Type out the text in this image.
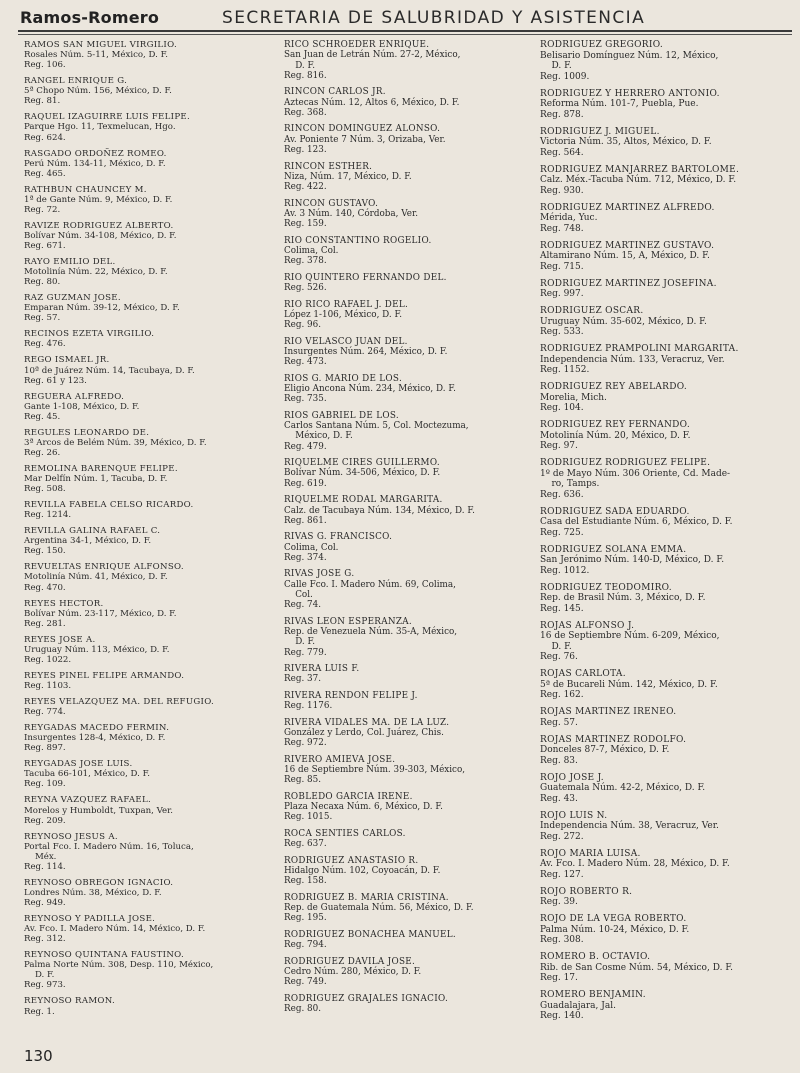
Ramos-Romero	SECRETARIA DE SALUBRIDAD Y ASISTENCIA
RAMOS SAN MIGUEL VIRGILIO.
Rosales Núm. 5-11, México, D. F.
Reg. 106.
RANGEL ENRIQUE G.
5ª Chopo Núm. 156, México, D. F.
Reg. 81.
RAQUEL IZAGUIRRE LUIS FELIPE.
Parque Hgo. 11, Texmelucan, Hgo.
Reg. 624.
RASGADO ORDOÑEZ ROMEO.
Perú Núm. 134-11, México, D. F.
Reg. 465.
RATHBUN CHAUNCEY M.
1ª de Gante Núm. 9, México, D. F.
Reg. 72.
RAVIZE RODRIGUEZ ALBERTO.
Bolívar Núm. 34-108, México, D. F.
Reg. 671.
RAYO EMILIO DEL.
Motolinía Núm. 22, México, D. F.
Reg. 80.
RAZ GUZMAN JOSE.
Emparan Núm. 39-12, México, D. F.
Reg. 57.
RECINOS EZETA VIRGILIO.
Reg. 476.
REGO ISMAEL JR.
10ª de Juárez Núm. 14, Tacubaya, D. F.
Reg. 61 y 123.
REGUERA ALFREDO.
Gante 1-108, México, D. F.
Reg. 45.
REGULES LEONARDO DE.
3ª Arcos de Belém Núm. 39, México, D. F.
Reg. 26.
REMOLINA BARENQUE FELIPE.
Mar Delfín Núm. 1, Tacuba, D. F.
Reg. 508.
REVILLA FABELA CELSO RICARDO.
Reg. 1214.
REVILLA GALINA RAFAEL C.
Argentina 34-1, México, D. F.
Reg. 150.
REVUELTAS ENRIQUE ALFONSO.
Motolinía Núm. 41, México, D. F.
Reg. 470.
REYES HECTOR.
Bolívar Núm. 23-117, México, D. F.
Reg. 281.
REYES JOSE A.
Uruguay Núm. 113, México, D. F.
Reg. 1022.
REYES PINEL FELIPE ARMANDO.
Reg. 1103.
REYES VELAZQUEZ MA. DEL REFUGIO.
Reg. 774.
REYGADAS MACEDO FERMIN.
Insurgentes 128-4, México, D. F.
Reg. 897.
REYGADAS JOSE LUIS.
Tacuba 66-101, México, D. F.
Reg. 109.
REYNA VAZQUEZ RAFAEL.
Morelos y Humboldt, Tuxpan, Ver.
Reg. 209.
REYNOSO JESUS A.
Portal Fco. I. Madero Núm. 16, Toluca,
Méx.
Reg. 114.
REYNOSO OBREGON IGNACIO.
Londres Núm. 38, México, D. F.
Reg. 949.
REYNOSO Y PADILLA JOSE.
Av. Fco. I. Madero Núm. 14, México, D. F.
Reg. 312.
REYNOSO QUINTANA FAUSTINO.
Palma Norte Núm. 308, Desp. 110, México,
D. F.
Reg. 973.
REYNOSO RAMON.
Reg. 1.
RICO SCHROEDER ENRIQUE.
San Juan de Letrán Núm. 27-2, México,
D. F.
Reg. 816.
RINCON CARLOS JR.
Aztecas Núm. 12, Altos 6, México, D. F.
Reg. 368.
RINCON DOMINGUEZ ALONSO.
Av. Poniente 7 Núm. 3, Orizaba, Ver.
Reg. 123.
RINCON ESTHER.
Niza, Núm. 17, México, D. F.
Reg. 422.
RINCON GUSTAVO.
Av. 3 Núm. 140, Córdoba, Ver.
Reg. 159.
RIO CONSTANTINO ROGELIO.
Colima, Col.
Reg. 378.
RIO QUINTERO FERNANDO DEL.
Reg. 526.
RIO RICO RAFAEL J. DEL.
López 1-106, México, D. F.
Reg. 96.
RIO VELASCO JUAN DEL.
Insurgentes Núm. 264, México, D. F.
Reg. 473.
RIOS G. MARIO DE LOS.
Eligio Ancona Núm. 234, México, D. F.
Reg. 735.
RIOS GABRIEL DE LOS.
Carlos Santana Núm. 5, Col. Moctezuma,
México, D. F.
Reg. 479.
RIQUELME CIRES GUILLERMO.
Bolívar Núm. 34-506, México, D. F.
Reg. 619.
RIQUELME RODAL MARGARITA.
Calz. de Tacubaya Núm. 134, México, D. F.
Reg. 861.
RIVAS G. FRANCISCO.
Colima, Col.
Reg. 374.
RIVAS JOSE G.
Calle Fco. I. Madero Núm. 69, Colima,
Col.
Reg. 74.
RIVAS LEON ESPERANZA.
Rep. de Venezuela Núm. 35-A, México,
D. F.
Reg. 779.
RIVERA LUIS F.
Reg. 37.
RIVERA RENDON FELIPE J.
Reg. 1176.
RIVERA VIDALES MA. DE LA LUZ.
González y Lerdo, Col. Juárez, Chis.
Reg. 972.
RIVERO AMIEVA JOSE.
16 de Septiembre Núm. 39-303, México,
Reg. 85.
ROBLEDO GARCIA IRENE.
Plaza Necaxa Núm. 6, México, D. F.
Reg. 1015.
ROCA SENTIES CARLOS.
Reg. 637.
RODRIGUEZ ANASTASIO R.
Hidalgo Núm. 102, Coyoacán, D. F.
Reg. 158.
RODRIGUEZ B. MARIA CRISTINA.
Rep. de Guatemala Núm. 56, México, D. F.
Reg. 195.
RODRIGUEZ BONACHEA MANUEL.
Reg. 794.
RODRIGUEZ DAVILA JOSE.
Cedro Núm. 280, México, D. F.
Reg. 749.
RODRIGUEZ GRAJALES IGNACIO.
Reg. 80.
RODRIGUEZ GREGORIO.
Belisario Domínguez Núm. 12, México,
D. F.
Reg. 1009.
RODRIGUEZ Y HERRERO ANTONIO.
Reforma Núm. 101-7, Puebla, Pue.
Reg. 878.
RODRIGUEZ J. MIGUEL.
Victoria Núm. 35, Altos, México, D. F.
Reg. 564.
RODRIGUEZ MANJARREZ BARTOLOME.
Calz. Méx.-Tacuba Núm. 712, México, D. F.
Reg. 930.
RODRIGUEZ MARTINEZ ALFREDO.
Mérida, Yuc.
Reg. 748.
RODRIGUEZ MARTINEZ GUSTAVO.
Altamirano Núm. 15, A, México, D. F.
Reg. 715.
RODRIGUEZ MARTINEZ JOSEFINA.
Reg. 997.
RODRIGUEZ OSCAR.
Uruguay Núm. 35-602, México, D. F.
Reg. 533.
RODRIGUEZ PRAMPOLINI MARGARITA.
Independencia Núm. 133, Veracruz, Ver.
Reg. 1152.
RODRIGUEZ REY ABELARDO.
Morelia, Mich.
Reg. 104.
RODRIGUEZ REY FERNANDO.
Motolinía Núm. 20, México, D. F.
Reg. 97.
RODRIGUEZ RODRIGUEZ FELIPE.
1º de Mayo Núm. 306 Oriente, Cd. Made-
ro, Tamps.
Reg. 636.
RODRIGUEZ SADA EDUARDO.
Casa del Estudiante Núm. 6, México, D. F.
Reg. 725.
RODRIGUEZ SOLANA EMMA.
San Jerónimo Núm. 140-D, México, D. F.
Reg. 1012.
RODRIGUEZ TEODOMIRO.
Rep. de Brasil Núm. 3, México, D. F.
Reg. 145.
ROJAS ALFONSO J.
16 de Septiembre Núm. 6-209, México,
D. F.
Reg. 76.
ROJAS CARLOTA.
5ª de Bucareli Núm. 142, México, D. F.
Reg. 162.
ROJAS MARTINEZ IRENEO.
Reg. 57.
ROJAS MARTINEZ RODOLFO.
Donceles 87-7, México, D. F.
Reg. 83.
ROJO JOSE J.
Guatemala Núm. 42-2, México, D. F.
Reg. 43.
ROJO LUIS N.
Independencia Núm. 38, Veracruz, Ver.
Reg. 272.
ROJO MARIA LUISA.
Av. Fco. I. Madero Núm. 28, México, D. F.
Reg. 127.
ROJO ROBERTO R.
Reg. 39.
ROJO DE LA VEGA ROBERTO.
Palma Núm. 10-24, México, D. F.
Reg. 308.
ROMERO B. OCTAVIO.
Rib. de San Cosme Núm. 54, México, D. F.
Reg. 17.
ROMERO BENJAMIN.
Guadalajara, Jal.
Reg. 140.
130
